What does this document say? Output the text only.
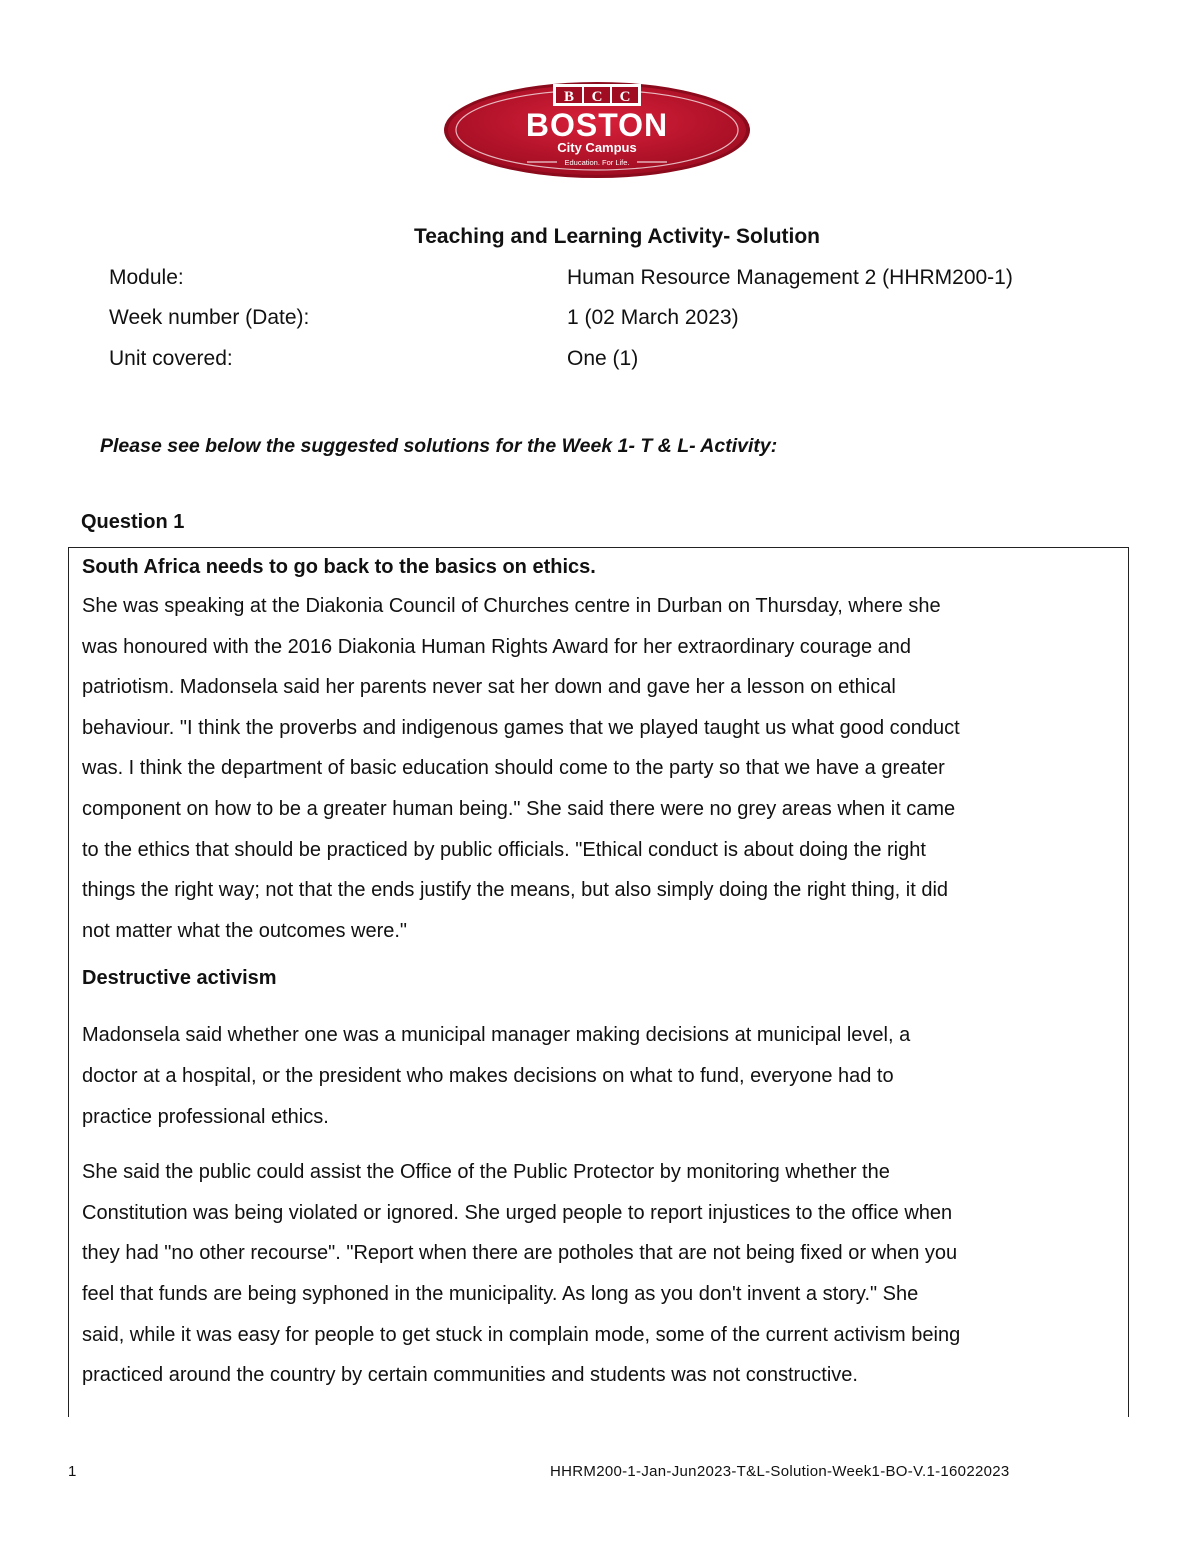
B C C
BOSTON
City Campus
Education. For Life.
Teaching and Learning Activity- Solution
Module:	Human Resource Management 2 (HHRM200-1)
Week number (Date):	1 (02 March 2023)
Unit covered:	One (1)
Please see below the suggested solutions for the Week 1- T & L- Activity:
Question 1

South Africa needs to go back to the basics on ethics.

She was speaking at the Diakonia Council of Churches centre in Durban on Thursday, where she
was honoured with the 2016 Diakonia Human Rights Award for her extraordinary courage and
patriotism. Madonsela said her parents never sat her down and gave her a lesson on ethical
behaviour. "I think the proverbs and indigenous games that we played taught us what good conduct
was. I think the department of basic education should come to the party so that we have a greater
component on how to be a greater human being." She said there were no grey areas when it came
to the ethics that should be practiced by public officials. "Ethical conduct is about doing the right
things the right way; not that the ends justify the means, but also simply doing the right thing, it did
not matter what the outcomes were."

Destructive activism

Madonsela said whether one was a municipal manager making decisions at municipal level, a
doctor at a hospital, or the president who makes decisions on what to fund, everyone had to
practice professional ethics.
She said the public could assist the Office of the Public Protector by monitoring whether the
Constitution was being violated or ignored. She urged people to report injustices to the office when
they had "no other recourse". "Report when there are potholes that are not being fixed or when you
feel that funds are being syphoned in the municipality. As long as you don't invent a story." She
said, while it was easy for people to get stuck in complain mode, some of the current activism being
practiced around the country by certain communities and students was not constructive.
1	HHRM200-1-Jan-Jun2023-T&L-Solution-Week1-BO-V.1-16022023
